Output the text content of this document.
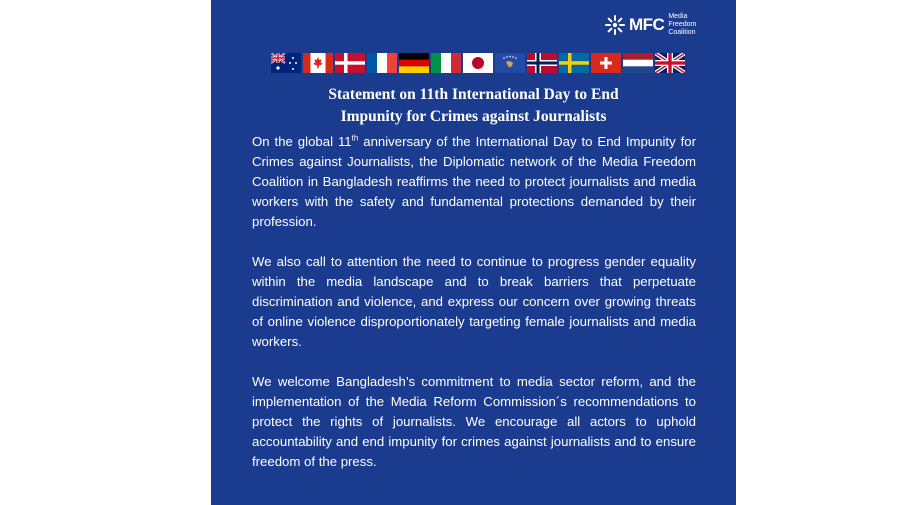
MFC Media Freedom
Coalition
Statement on 11th International Day to End
Impunity for Crimes against Journalists

On the global 11th anniversary of the International Day to End Impunity for Crimes against Journalists, the Diplomatic network of the Media Freedom Coalition in Bangladesh reaffirms the need to protect journalists and media workers with the safety and fundamental protections demanded by their profession.

We also call to attention the need to continue to progress gender equality within the media landscape and to break barriers that perpetuate discrimination and violence, and express our concern over growing threats of online violence disproportionately targeting female journalists and media workers.

We welcome Bangladesh’s commitment to media sector reform, and the implementation of the Media Reform Commission´s recommendations to protect the rights of journalists. We encourage all actors to uphold accountability and end impunity for crimes against journalists and to ensure freedom of the press.
